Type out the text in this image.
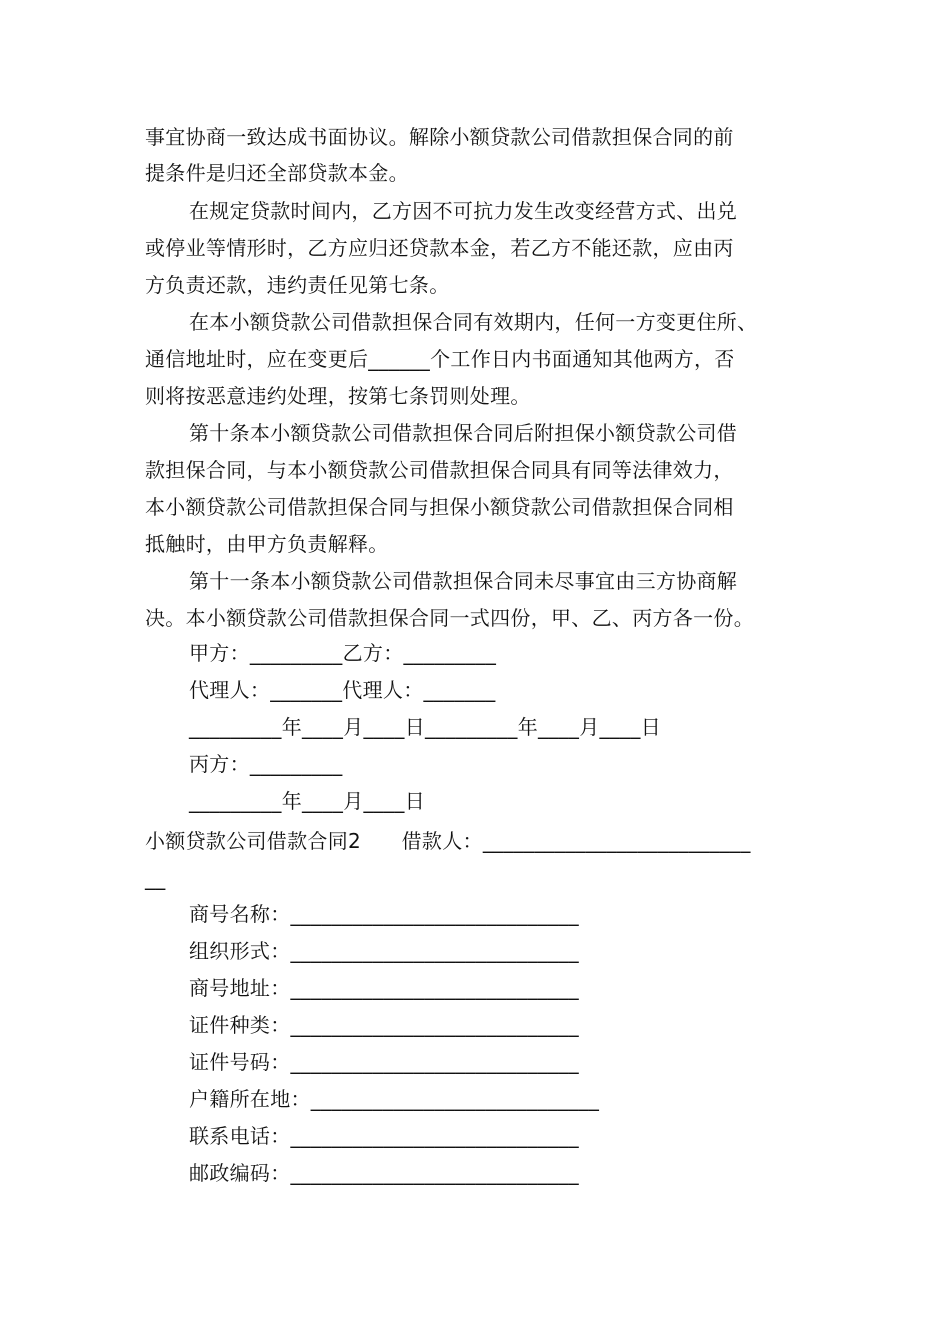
事宜协商一致达成书面协议。解除小额贷款公司借款担保合同的前
提条件是归还全部贷款本金。
在规定贷款时间内，乙方因不可抗力发生改变经营方式、出兑
或停业等情形时，乙方应归还贷款本金，若乙方不能还款，应由丙
方负责还款，违约责任见第七条。
在本小额贷款公司借款担保合同有效期内，任何一方变更住所、
通信地址时，应在变更后______个工作日内书面通知其他两方，否
则将按恶意违约处理，按第七条罚则处理。
第十条本小额贷款公司借款担保合同后附担保小额贷款公司借
款担保合同，与本小额贷款公司借款担保合同具有同等法律效力，
本小额贷款公司借款担保合同与担保小额贷款公司借款担保合同相
抵触时，由甲方负责解释。
第十一条本小额贷款公司借款担保合同未尽事宜由三方协商解
决。本小额贷款公司借款担保合同一式四份，甲、乙、丙方各一份。
甲方：_________乙方：_________
代理人：_______代理人：_______
_________年____月____日_________年____月____日
丙方：_________
_________年____月____日
小额贷款公司借款合同2　　借款人：__________________________
__
商号名称：____________________________
组织形式：____________________________
商号地址：____________________________
证件种类：____________________________
证件号码：____________________________
户籍所在地：____________________________
联系电话：____________________________
邮政编码：____________________________
